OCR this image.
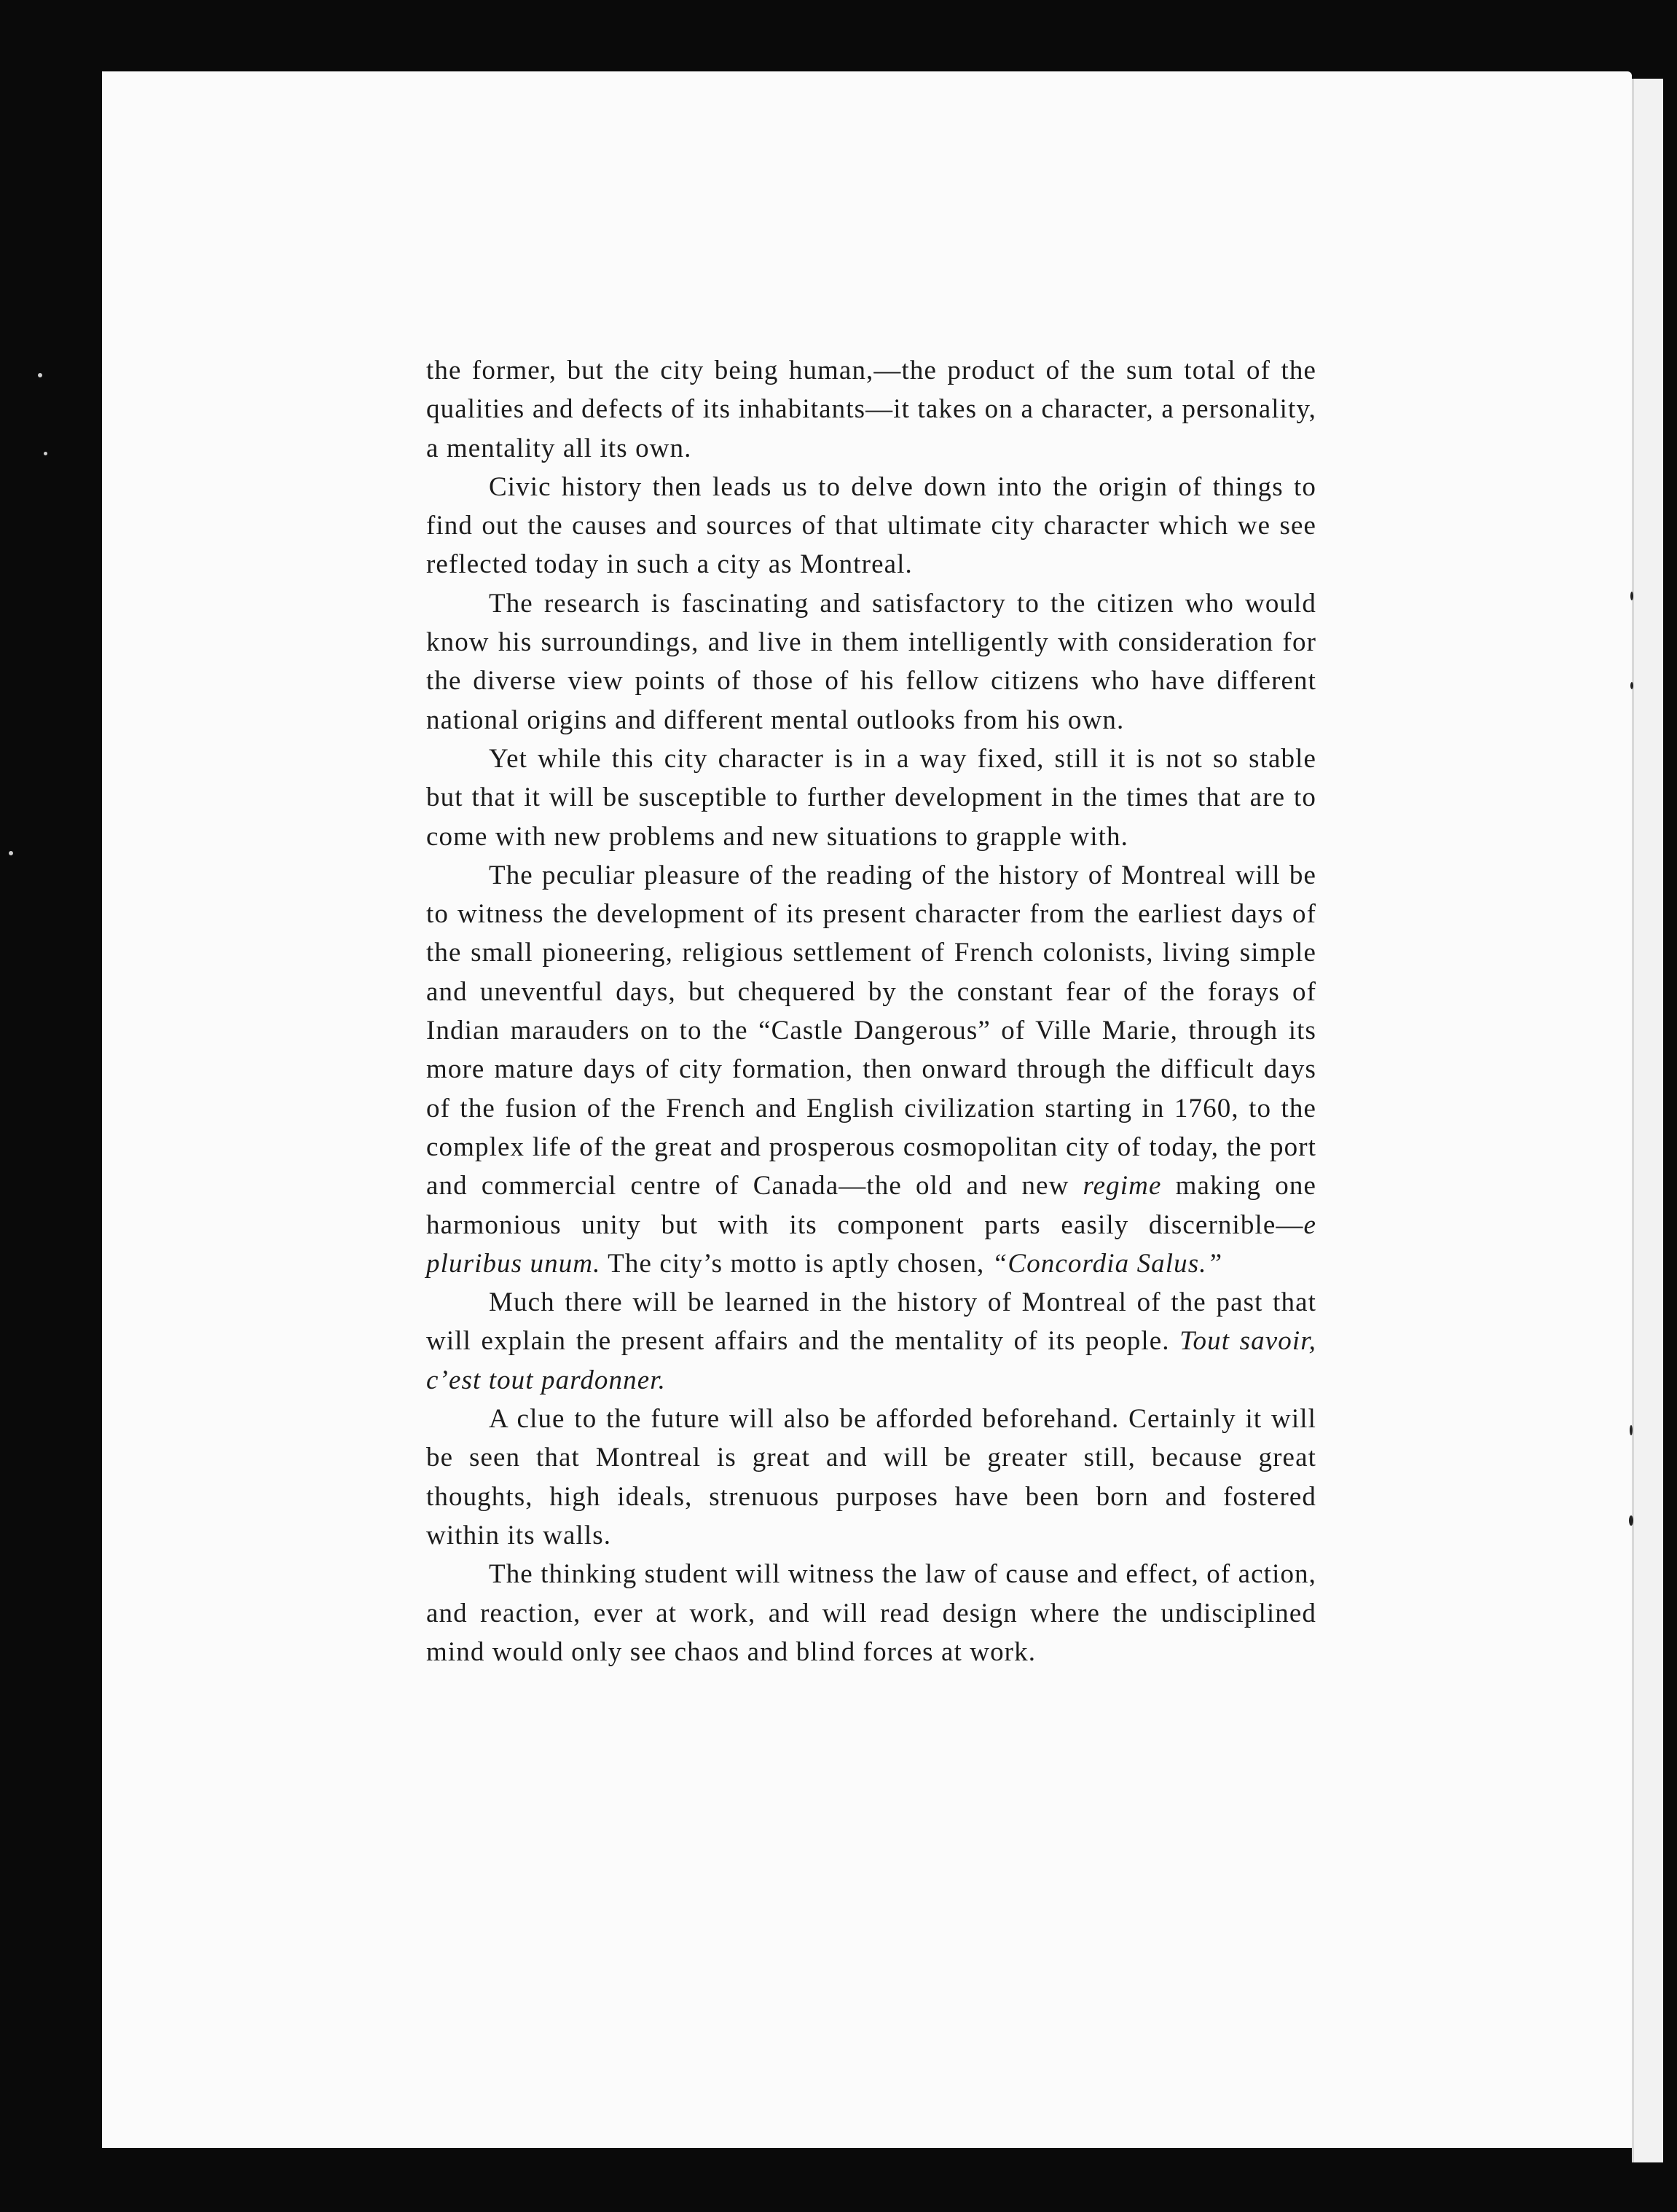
the former, but the city being human,—the product of the sum total of the qualities and defects of its inhabitants—it takes on a character, a personality, a mentality all its own.

Civic history then leads us to delve down into the origin of things to find out the causes and sources of that ultimate city character which we see reflected today in such a city as Montreal.

The research is fascinating and satisfactory to the citizen who would know his surroundings, and live in them intelligently with consideration for the diverse view points of those of his fellow citizens who have different national origins and different mental outlooks from his own.

Yet while this city character is in a way fixed, still it is not so stable but that it will be susceptible to further development in the times that are to come with new problems and new situations to grapple with.

The peculiar pleasure of the reading of the history of Montreal will be to witness the development of its present character from the earliest days of the small pioneering, religious settlement of French colonists, living simple and uneventful days, but chequered by the constant fear of the forays of Indian marauders on to the “Castle Dangerous” of Ville Marie, through its more mature days of city formation, then onward through the difficult days of the fusion of the French and English civilization starting in 1760, to the complex life of the great and prosperous cosmopolitan city of today, the port and commercial centre of Canada—the old and new regime making one harmonious unity but with its component parts easily discernible—e pluribus unum. The city’s motto is aptly chosen, “Concordia Salus.”

Much there will be learned in the history of Montreal of the past that will explain the present affairs and the mentality of its people. Tout savoir, c’est tout pardonner.

A clue to the future will also be afforded beforehand. Certainly it will be seen that Montreal is great and will be greater still, because great thoughts, high ideals, strenuous purposes have been born and fostered within its walls.

The thinking student will witness the law of cause and effect, of action, and reaction, ever at work, and will read design where the undisciplined mind would only see chaos and blind forces at work.
